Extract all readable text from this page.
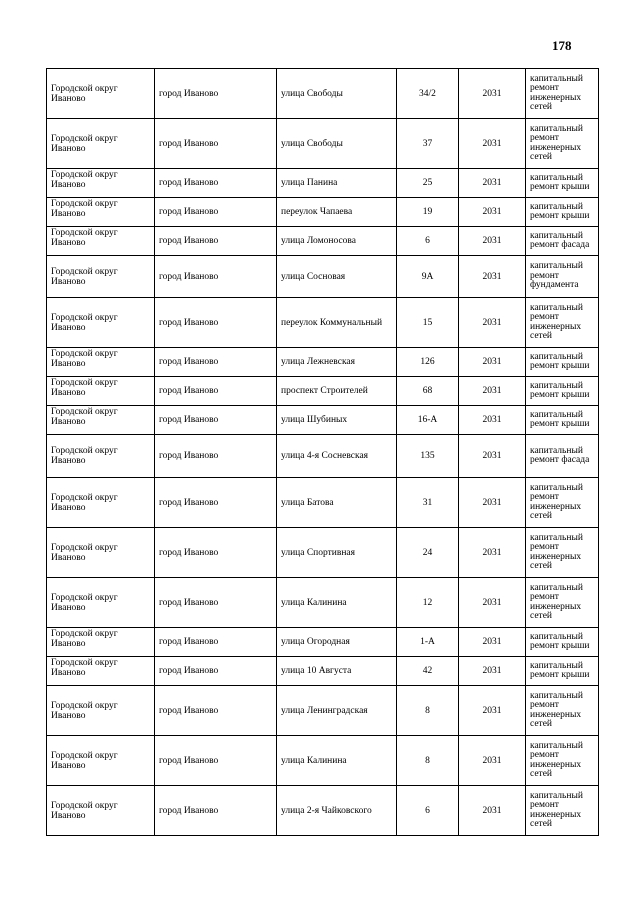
178
Городской округ Иваново	город Иваново	улица Свободы	34/2	2031	капитальный ремонт инженерных сетей
Городской округ Иваново	город Иваново	улица Свободы	37	2031	капитальный ремонт инженерных сетей
Городской округ Иваново	город Иваново	улица Панина	25	2031	капитальный ремонт крыши
Городской округ Иваново	город Иваново	переулок Чапаева	19	2031	капитальный ремонт крыши
Городской округ Иваново	город Иваново	улица Ломоносова	6	2031	капитальный ремонт фасада
Городской округ Иваново	город Иваново	улица Сосновая	9А	2031	капитальный ремонт фундамента
Городской округ Иваново	город Иваново	переулок Коммунальный	15	2031	капитальный ремонт инженерных сетей
Городской округ Иваново	город Иваново	улица Лежневская	126	2031	капитальный ремонт крыши
Городской округ Иваново	город Иваново	проспект Строителей	68	2031	капитальный ремонт крыши
Городской округ Иваново	город Иваново	улица Шубиных	16-А	2031	капитальный ремонт крыши
Городской округ Иваново	город Иваново	улица 4-я Сосневская	135	2031	капитальный ремонт фасада
Городской округ Иваново	город Иваново	улица Батова	31	2031	капитальный ремонт инженерных сетей
Городской округ Иваново	город Иваново	улица Спортивная	24	2031	капитальный ремонт инженерных сетей
Городской округ Иваново	город Иваново	улица Калинина	12	2031	капитальный ремонт инженерных сетей
Городской округ Иваново	город Иваново	улица Огородная	1-А	2031	капитальный ремонт крыши
Городской округ Иваново	город Иваново	улица 10 Августа	42	2031	капитальный ремонт крыши
Городской округ Иваново	город Иваново	улица Ленинградская	8	2031	капитальный ремонт инженерных сетей
Городской округ Иваново	город Иваново	улица Калинина	8	2031	капитальный ремонт инженерных сетей
Городской округ Иваново	город Иваново	улица 2-я Чайковского	6	2031	капитальный ремонт инженерных сетей
